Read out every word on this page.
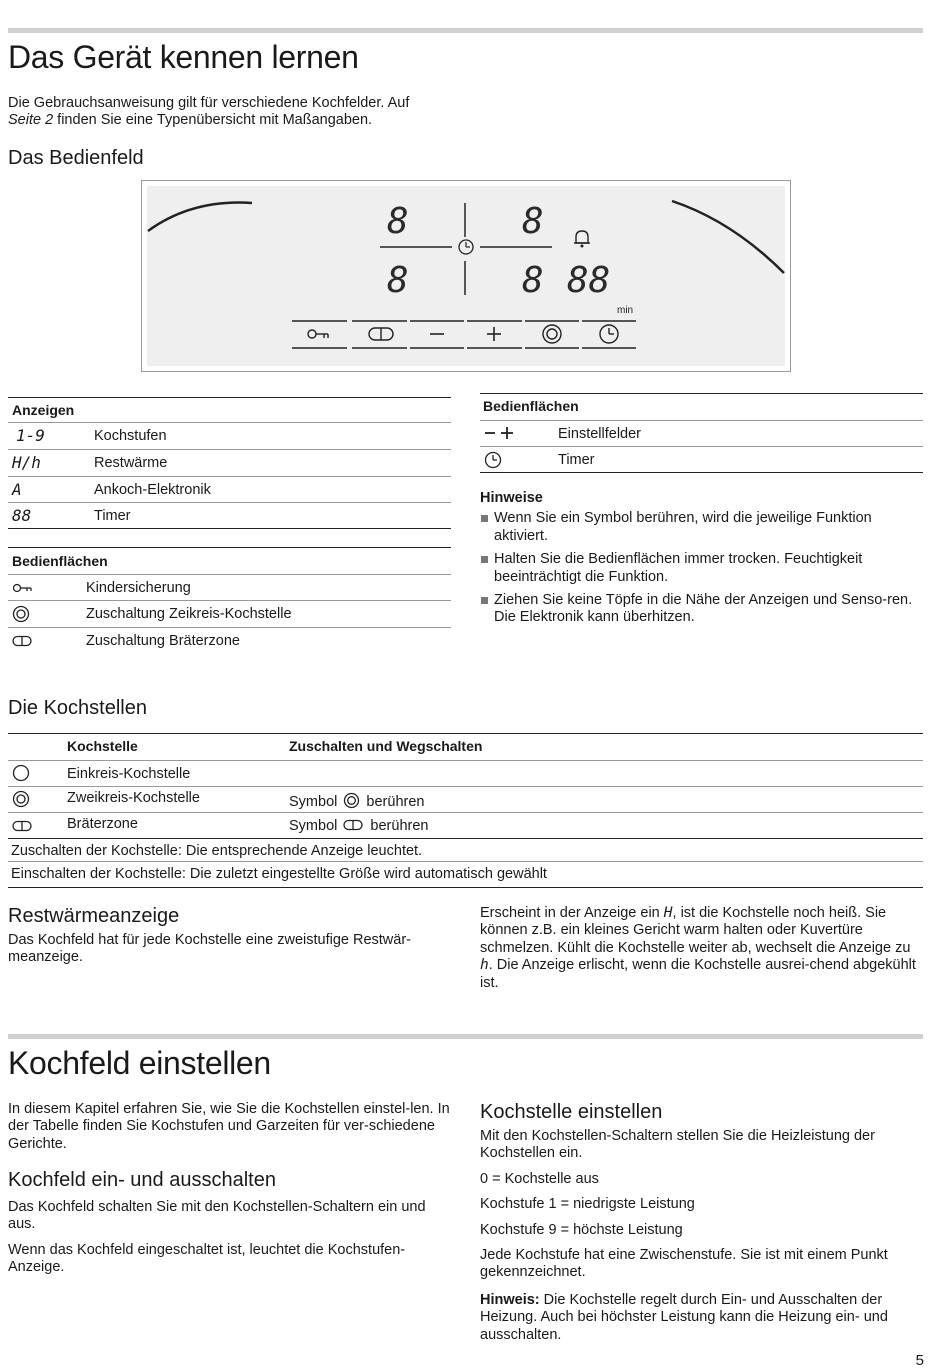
Das Gerät kennen lernen

Die Gebrauchsanweisung gilt für verschiedene Kochfelder. Auf
Seite 2 finden Sie eine Typenübersicht mit Maßangaben.

Das Bedienfeld
8	8
8	8 88
min
Anzeigen
1-9	Kochstufen
H/h	Restwärme
A	Ankoch-Elektronik
88	Timer
Bedienflächen
Kindersicherung
Zuschaltung Zeikreis-Kochstelle
Zuschaltung Bräterzone
Bedienflächen
Einstellfelder
Timer
Hinweise
Wenn Sie ein Symbol berühren, wird die jeweilige Funktion aktiviert.
Halten Sie die Bedienflächen immer trocken. Feuchtigkeit beeinträchtigt die Funktion.
Ziehen Sie keine Töpfe in die Nähe der Anzeigen und Senso-ren. Die Elektronik kann überhitzen.
Die Kochstellen
Kochstelle	Zuschalten und Wegschalten
Einkreis-Kochstelle
Zweikreis-Kochstelle	Symbol berühren
Bräterzone	Symbol berühren
Zuschalten der Kochstelle: Die entsprechende Anzeige leuchtet.
Einschalten der Kochstelle: Die zuletzt eingestellte Größe wird automatisch gewählt
Restwärmeanzeige
Das Kochfeld hat für jede Kochstelle eine zweistufige Restwär-meanzeige.
Erscheint in der Anzeige ein H, ist die Kochstelle noch heiß. Sie können z.B. ein kleines Gericht warm halten oder Kuvertüre schmelzen. Kühlt die Kochstelle weiter ab, wechselt die Anzeige zu h. Die Anzeige erlischt, wenn die Kochstelle ausrei-chend abgekühlt ist.
Kochfeld einstellen
In diesem Kapitel erfahren Sie, wie Sie die Kochstellen einstel-len. In der Tabelle finden Sie Kochstufen und Garzeiten für ver-schiedene Gerichte.
Kochfeld ein- und ausschalten

Das Kochfeld schalten Sie mit den Kochstellen-Schaltern ein und aus.

Wenn das Kochfeld eingeschaltet ist, leuchtet die Kochstufen-Anzeige.

Kochstelle einstellen

Mit den Kochstellen-Schaltern stellen Sie die Heizleistung der Kochstellen ein.

0 = Kochstelle aus

Kochstufe 1 = niedrigste Leistung

Kochstufe 9 = höchste Leistung

Jede Kochstufe hat eine Zwischenstufe. Sie ist mit einem Punkt gekennzeichnet.

Hinweis: Die Kochstelle regelt durch Ein- und Ausschalten der Heizung. Auch bei höchster Leistung kann die Heizung ein- und ausschalten.

5
